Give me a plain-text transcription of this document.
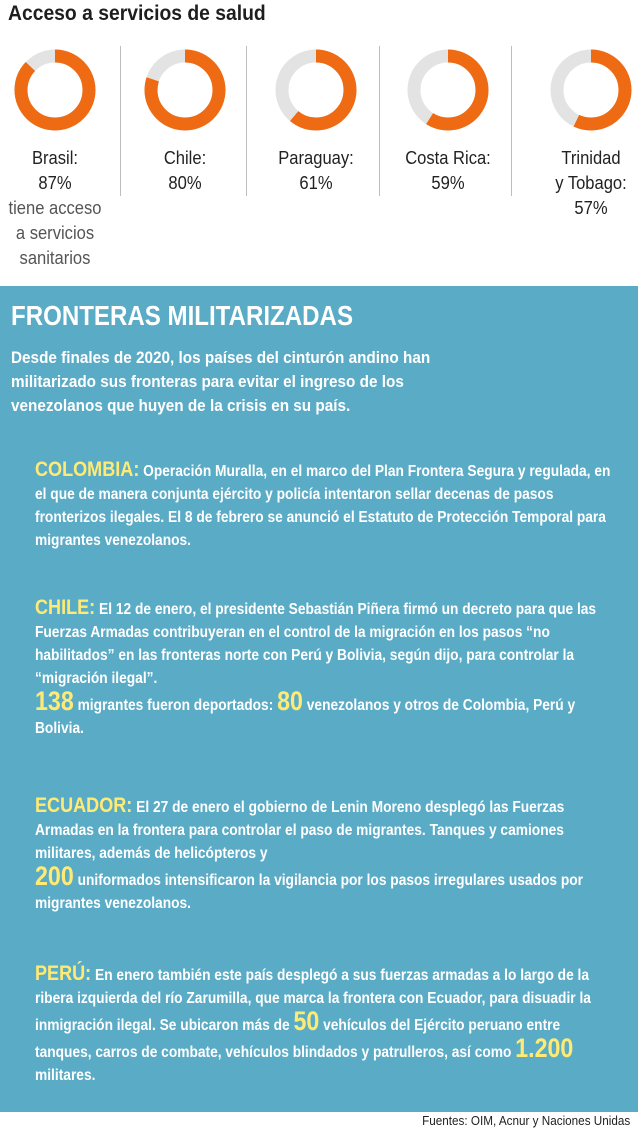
Acceso a servicios de salud
Brasil:
87%
tiene acceso
a servicios
sanitarios
Chile:
80%
Paraguay:
61%
Costa Rica:
59%
Trinidad
y Tobago:
57%
FRONTERAS MILITARIZADAS
Desde finales de 2020, los países del cinturón andino han militarizado sus fronteras para evitar el ingreso de los venezolanos que huyen de la crisis en su país.
COLOMBIA: Operación Muralla, en el marco del Plan Frontera Segura y regulada, en el que de manera conjunta ejército y policía intentaron sellar decenas de pasos fronterizos ilegales. El 8 de febrero se anunció el Estatuto de Protección Temporal para migrantes venezolanos.
CHILE: El 12 de enero, el presidente Sebastián Piñera firmó un decreto para que las Fuerzas Armadas contribuyeran en el control de la migración en los pasos “no habilitados” en las fronteras norte con Perú y Bolivia, según dijo, para controlar la “migración ilegal”.
138 migrantes fueron deportados: 80 venezolanos y otros de Colombia, Perú y Bolivia.
ECUADOR: El 27 de enero el gobierno de Lenin Moreno desplegó las Fuerzas Armadas en la frontera para controlar el paso de migrantes. Tanques y camiones militares, además de helicópteros y
200 uniformados intensificaron la vigilancia por los pasos irregulares usados por migrantes venezolanos.
PERÚ: En enero también este país desplegó a sus fuerzas armadas a lo largo de la ribera izquierda del río Zarumilla, que marca la frontera con Ecuador, para disuadir la inmigración ilegal. Se ubicaron más de 50 vehículos del Ejército peruano entre tanques, carros de combate, vehículos blindados y patrulleros, así como 1.200 militares.
Fuentes: OIM, Acnur y Naciones Unidas
